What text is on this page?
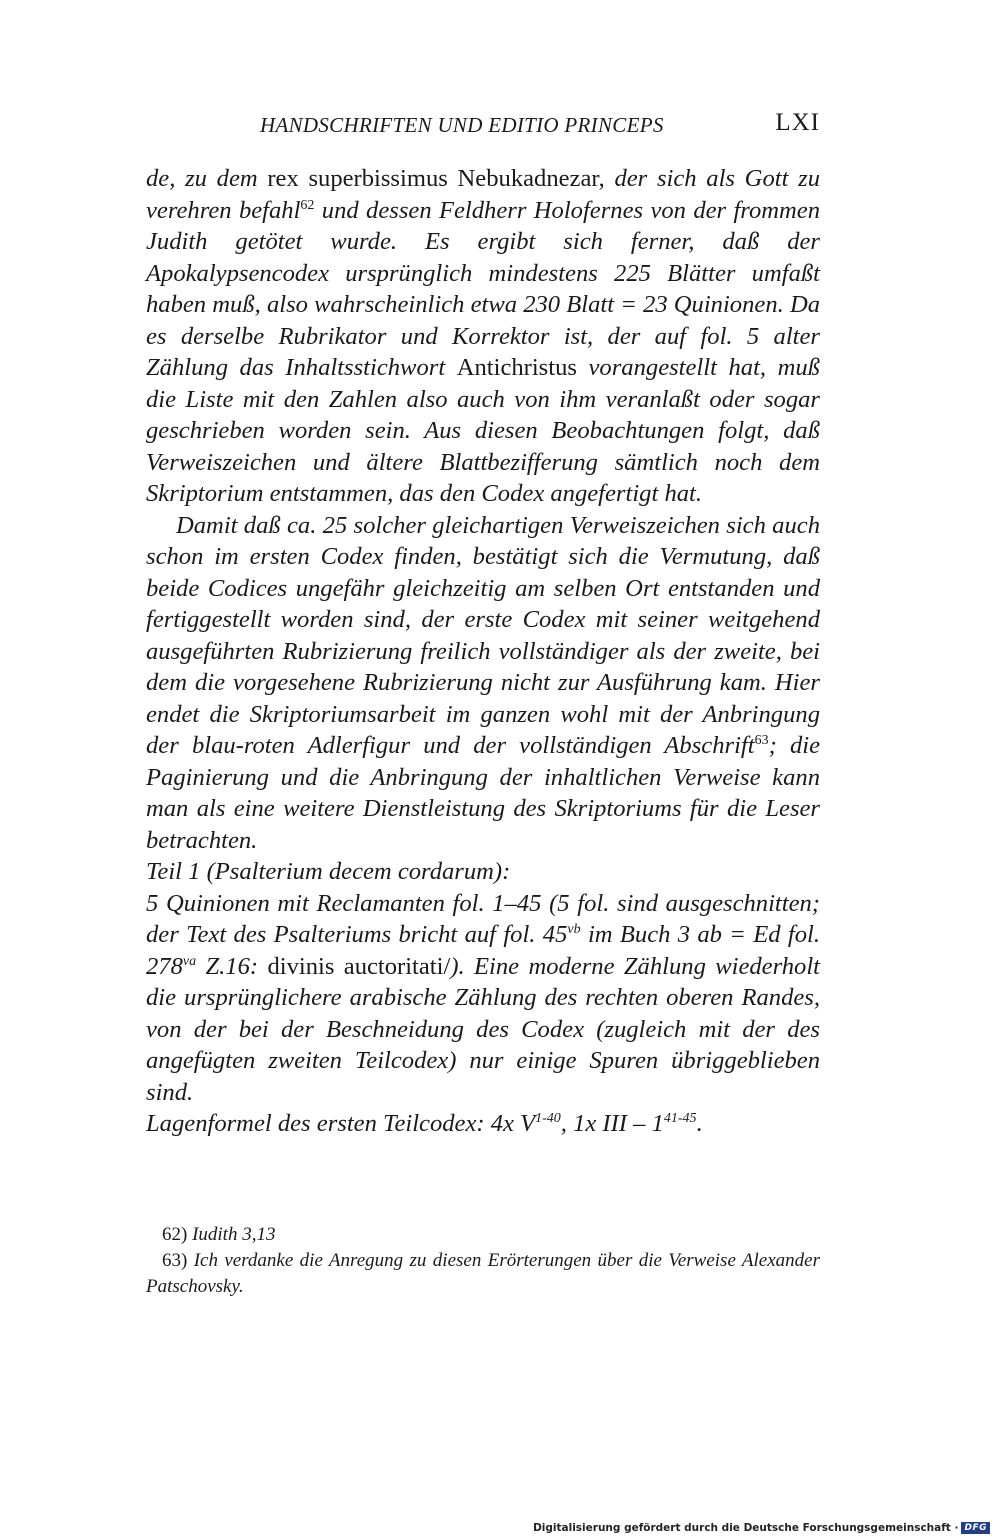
HANDSCHRIFTEN UND EDITIO PRINCEPS	LXI

de, zu dem rex superbissimus Nebukadnezar, der sich als Gott zu verehren befahl$^{62}$ und dessen Feldherr Holofernes von der frommen Judith getötet wurde. Es ergibt sich ferner, daß der Apokalypsencodex ursprünglich mindestens 225 Blätter umfaßt haben muß, also wahrscheinlich etwa 230 Blatt = 23 Quinionen. Da es derselbe Rubrikator und Korrektor ist, der auf fol. 5 alter Zählung das Inhaltsstichwort Antichristus vorangestellt hat, muß die Liste mit den Zahlen also auch von ihm veranlaßt oder sogar geschrieben worden sein. Aus diesen Beobachtungen folgt, daß Verweiszeichen und ältere Blattbezifferung sämtlich noch dem Skriptorium entstammen, das den Codex angefertigt hat.

Damit daß ca. 25 solcher gleichartigen Verweiszeichen sich auch schon im ersten Codex finden, bestätigt sich die Vermutung, daß beide Codices ungefähr gleichzeitig am selben Ort entstanden und fertiggestellt worden sind, der erste Codex mit seiner weitgehend ausgeführten Rubrizierung freilich vollständiger als der zweite, bei dem die vorgesehene Rubrizierung nicht zur Ausführung kam. Hier endet die Skriptoriumsarbeit im ganzen wohl mit der Anbringung der blau-roten Adlerfigur und der vollständigen Abschrift$^{63}$; die Paginierung und die Anbringung der inhaltlichen Verweise kann man als eine weitere Dienstleistung des Skriptoriums für die Leser betrachten.

Teil 1 (Psalterium decem cordarum):

5 Quinionen mit Reclamanten fol. 1–45 (5 fol. sind ausgeschnitten; der Text des Psalteriums bricht auf fol. $45^{vb}$ im Buch 3 ab = Ed fol. $278^{va}$ Z.16: divinis auctoritati/). Eine moderne Zählung wiederholt die ursprünglichere arabische Zählung des rechten oberen Randes, von der bei der Beschneidung des Codex (zugleich mit der des angefügten zweiten Teilcodex) nur einige Spuren übriggeblieben sind.

Lagenformel des ersten Teilcodex: 4x $V^{1-40}$, 1x III – 1$^{41-45}$.

62) Iudith 3,13

63) Ich verdanke die Anregung zu diesen Erörterungen über die Verweise Alexander Patschovsky.

Digitalisierung gefördert durch die Deutsche Forschungsgemeinschaft · DFG
